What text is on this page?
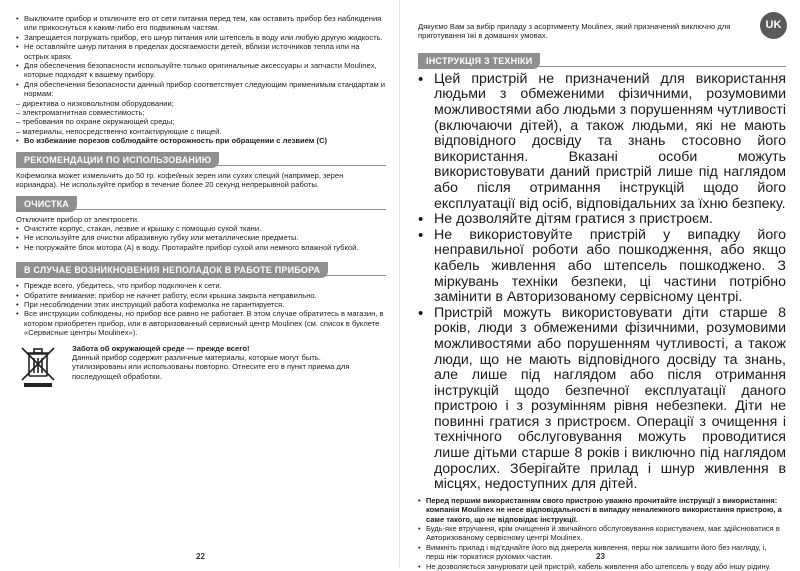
• Выключите прибор и отключите его от сети питания перед тем, как оставить прибор без наблюдения или прикоснуться к каким-либо его подвижным частям.
• Запрещается погружать прибор, его шнур питания или штепсель в воду или любую другую жидкость.
• Не оставляйте шнур питания в пределах досягаемости детей, вблизи источников тепла или на острых краях.
• Для обеспечения безопасности используйте только оригинальные аксессуары и запчасти Moulinex, которые подходят к вашему прибору.
• Для обеспечения безопасности данный прибор соответствует следующим применимым стандартам и нормам:
– директива о низковольтном оборудовании;
– электромагнитная совместимость;
– требования по охране окружающей среды;
– материалы, непосредственно контактирующие с пищей.
• Во избежание порезов соблюдайте осторожность при обращении с лезвием (C)
РЕКОМЕНДАЦИИ ПО ИСПОЛЬЗОВАНИЮ

Кофемолка может измельчить до 50 гр. кофейных зерен или сухих специй (например, зерен кориандра). Не используйте прибор в течение более 20 секунд непрерывной работы.

ОЧИСТКА

Отключите прибор от электросети.

• Очистите корпус, стакан, лезвие и крышку с помощью сухой ткани.
• Не используйте для очистки абразивную губку или металлические предметы.
• Не погружайте блок мотора (А) в воду. Протирайте прибор сухой или немного влажной губкой.
В СЛУЧАЕ ВОЗНИКНОВЕНИЯ НЕПОЛАДОК В РАБОТЕ ПРИБОРА
• Прежде всего, убедитесь, что прибор подключен к сети.
• Обратите внимание: прибор не начнет работу, если крышка закрыта неправильно.
• При несоблюдении этих инструкций работа кофемолка не гарантируется.
• Все инструкции соблюдены, но прибор все равно не работает. В этом случае обратитесь в магазин, в котором приобретен прибор, или в авторизованный сервисный центр Moulinex (см. список в буклете «Сервисные центры Moulinex»).

Забота об окружающей среде — прежде всего!

Данный прибор содержит различные материалы, которые могут быть.

утилизированы или использованы повторно. Отнесите его в пункт приема для последующей обработки.

22
UK

Дякуємо Вам за вибір приладу з асортименту Moulinex, який призначений виключно для приготування їжі в домашніх умовах.

ІНСТРУКЦІЯ З ТЕХНІКИ
• Цей пристрій не призначений для використання людьми з обмеженими фізичними, розумовими можливостями або людьми з порушенням чутливості (включаючи дітей), а також людьми, які не мають відповідного досвіду та знань стосовно його використання. Вказані особи можуть використовувати даний пристрій лише під наглядом або після отримання інструкцій щодо його експлуатації від осіб, відповідальних за їхню безпеку.
• Не дозволяйте дітям гратися з пристроєм.
• Не використовуйте пристрій у випадку його неправильної роботи або пошкодження, або якщо кабель живлення або штепсель пошкоджено. З міркувань техніки безпеки, ці частини потрібно замінити в Авторизованому сервісному центрі.
• Пристрій можуть використовувати діти старше 8 років, люди з обмеженими фізичними, розумовими можливостями або порушенням чутливості, а також люди, що не мають відповідного досвіду та знань, але лише під наглядом або після отримання інструкцій щодо безпечної експлуатації даного пристрою і з розумінням рівня небезпеки. Діти не повинні гратися з пристроєм. Операції з очищення і технічного обслуговування можуть проводитися лише дітьми старше 8 років і виключно під наглядом дорослих. Зберігайте прилад і шнур живлення в місцях, недоступних для дітей.
• Перед першим використанням свого пристрою уважно прочитайте інструкції з використання: компанія Moulinex не несе відповідальності в випадку неналежного використання пристрою, а саме такого, що не відповідає інструкції.
• Будь-яке втручання, крім очищення й звичайного обслуговування користувачем, має здійснюватися в Авторизованому сервісному центрі Moulinex.
• Вимкніть прилад і від'єднайте його від джерела живлення, перш ніж залишити його без нагляду, і, перш ніж торкатися рухомих частин.
• Не дозволяється занурювати цей пристрій, кабель живлення або штепсель у воду або іншу рідину.
23
